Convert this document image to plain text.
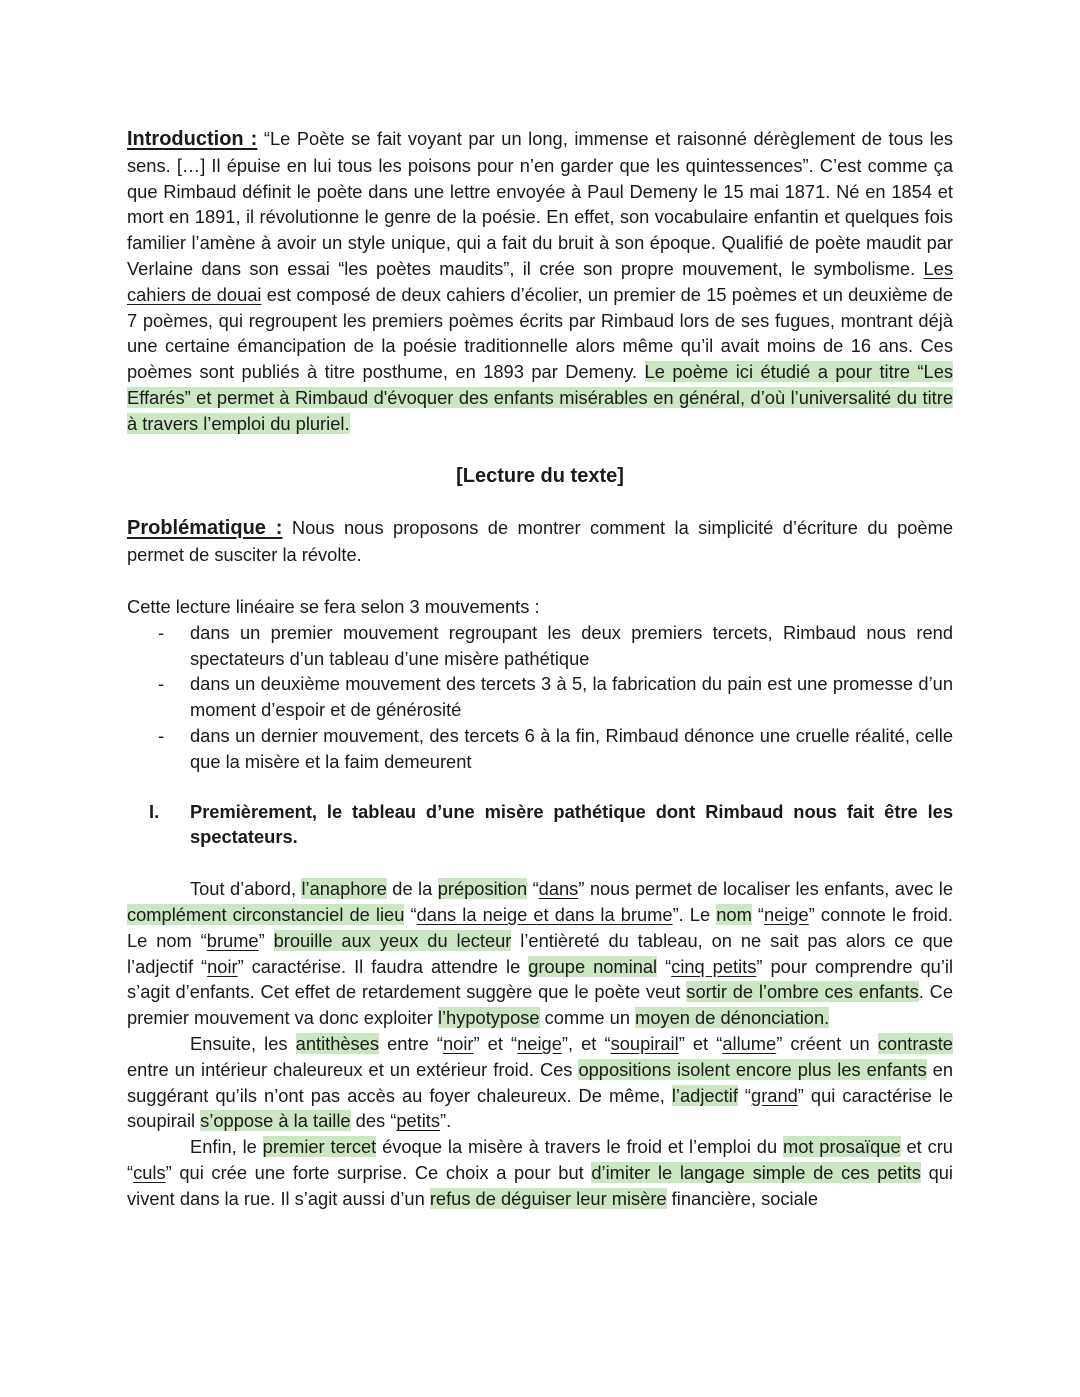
Introduction : “Le Poète se fait voyant par un long, immense et raisonné dérèglement de tous les sens. […] Il épuise en lui tous les poisons pour n’en garder que les quintessences”. C’est comme ça que Rimbaud définit le poète dans une lettre envoyée à Paul Demeny le 15 mai 1871. Né en 1854 et mort en 1891, il révolutionne le genre de la poésie. En effet, son vocabulaire enfantin et quelques fois familier l’amène à avoir un style unique, qui a fait du bruit à son époque. Qualifié de poète maudit par Verlaine dans son essai “les poètes maudits”, il crée son propre mouvement, le symbolisme. Les cahiers de douai est composé de deux cahiers d’écolier, un premier de 15 poèmes et un deuxième de 7 poèmes, qui regroupent les premiers poèmes écrits par Rimbaud lors de ses fugues, montrant déjà une certaine émancipation de la poésie traditionnelle alors même qu’il avait moins de 16 ans. Ces poèmes sont publiés à titre posthume, en 1893 par Demeny. Le poème ici étudié a pour titre “Les Effarés” et permet à Rimbaud d'évoquer des enfants misérables en général, d’où l’universalité du titre à travers l’emploi du pluriel.

[Lecture du texte]

Problématique : Nous nous proposons de montrer comment la simplicité d’écriture du poème permet de susciter la révolte.

Cette lecture linéaire se fera selon 3 mouvements :

- dans un premier mouvement regroupant les deux premiers tercets, Rimbaud nous rend spectateurs d’un tableau d’une misère pathétique
- dans un deuxième mouvement des tercets 3 à 5, la fabrication du pain est une promesse d’un moment d’espoir et de générosité
- dans un dernier mouvement, des tercets 6 à la fin, Rimbaud dénonce une cruelle réalité, celle que la misère et la faim demeurent
I. Premièrement, le tableau d’une misère pathétique dont Rimbaud nous fait être les spectateurs.

Tout d’abord, l’anaphore de la préposition “dans” nous permet de localiser les enfants, avec le complément circonstanciel de lieu “dans la neige et dans la brume”. Le nom “neige” connote le froid. Le nom “brume” brouille aux yeux du lecteur l’entièreté du tableau, on ne sait pas alors ce que l’adjectif “noir” caractérise. Il faudra attendre le groupe nominal “cinq petits” pour comprendre qu’il s’agit d’enfants. Cet effet de retardement suggère que le poète veut sortir de l’ombre ces enfants. Ce premier mouvement va donc exploiter l’hypotypose comme un moyen de dénonciation.

Ensuite, les antithèses entre “noir” et “neige”, et “soupirail” et “allume” créent un contraste entre un intérieur chaleureux et un extérieur froid. Ces oppositions isolent encore plus les enfants en suggérant qu’ils n’ont pas accès au foyer chaleureux. De même, l’adjectif “grand” qui caractérise le soupirail s’oppose à la taille des “petits”.

Enfin, le premier tercet évoque la misère à travers le froid et l’emploi du mot prosaïque et cru “culs” qui crée une forte surprise. Ce choix a pour but d’imiter le langage simple de ces petits qui vivent dans la rue. Il s’agit aussi d’un refus de déguiser leur misère financière, sociale
